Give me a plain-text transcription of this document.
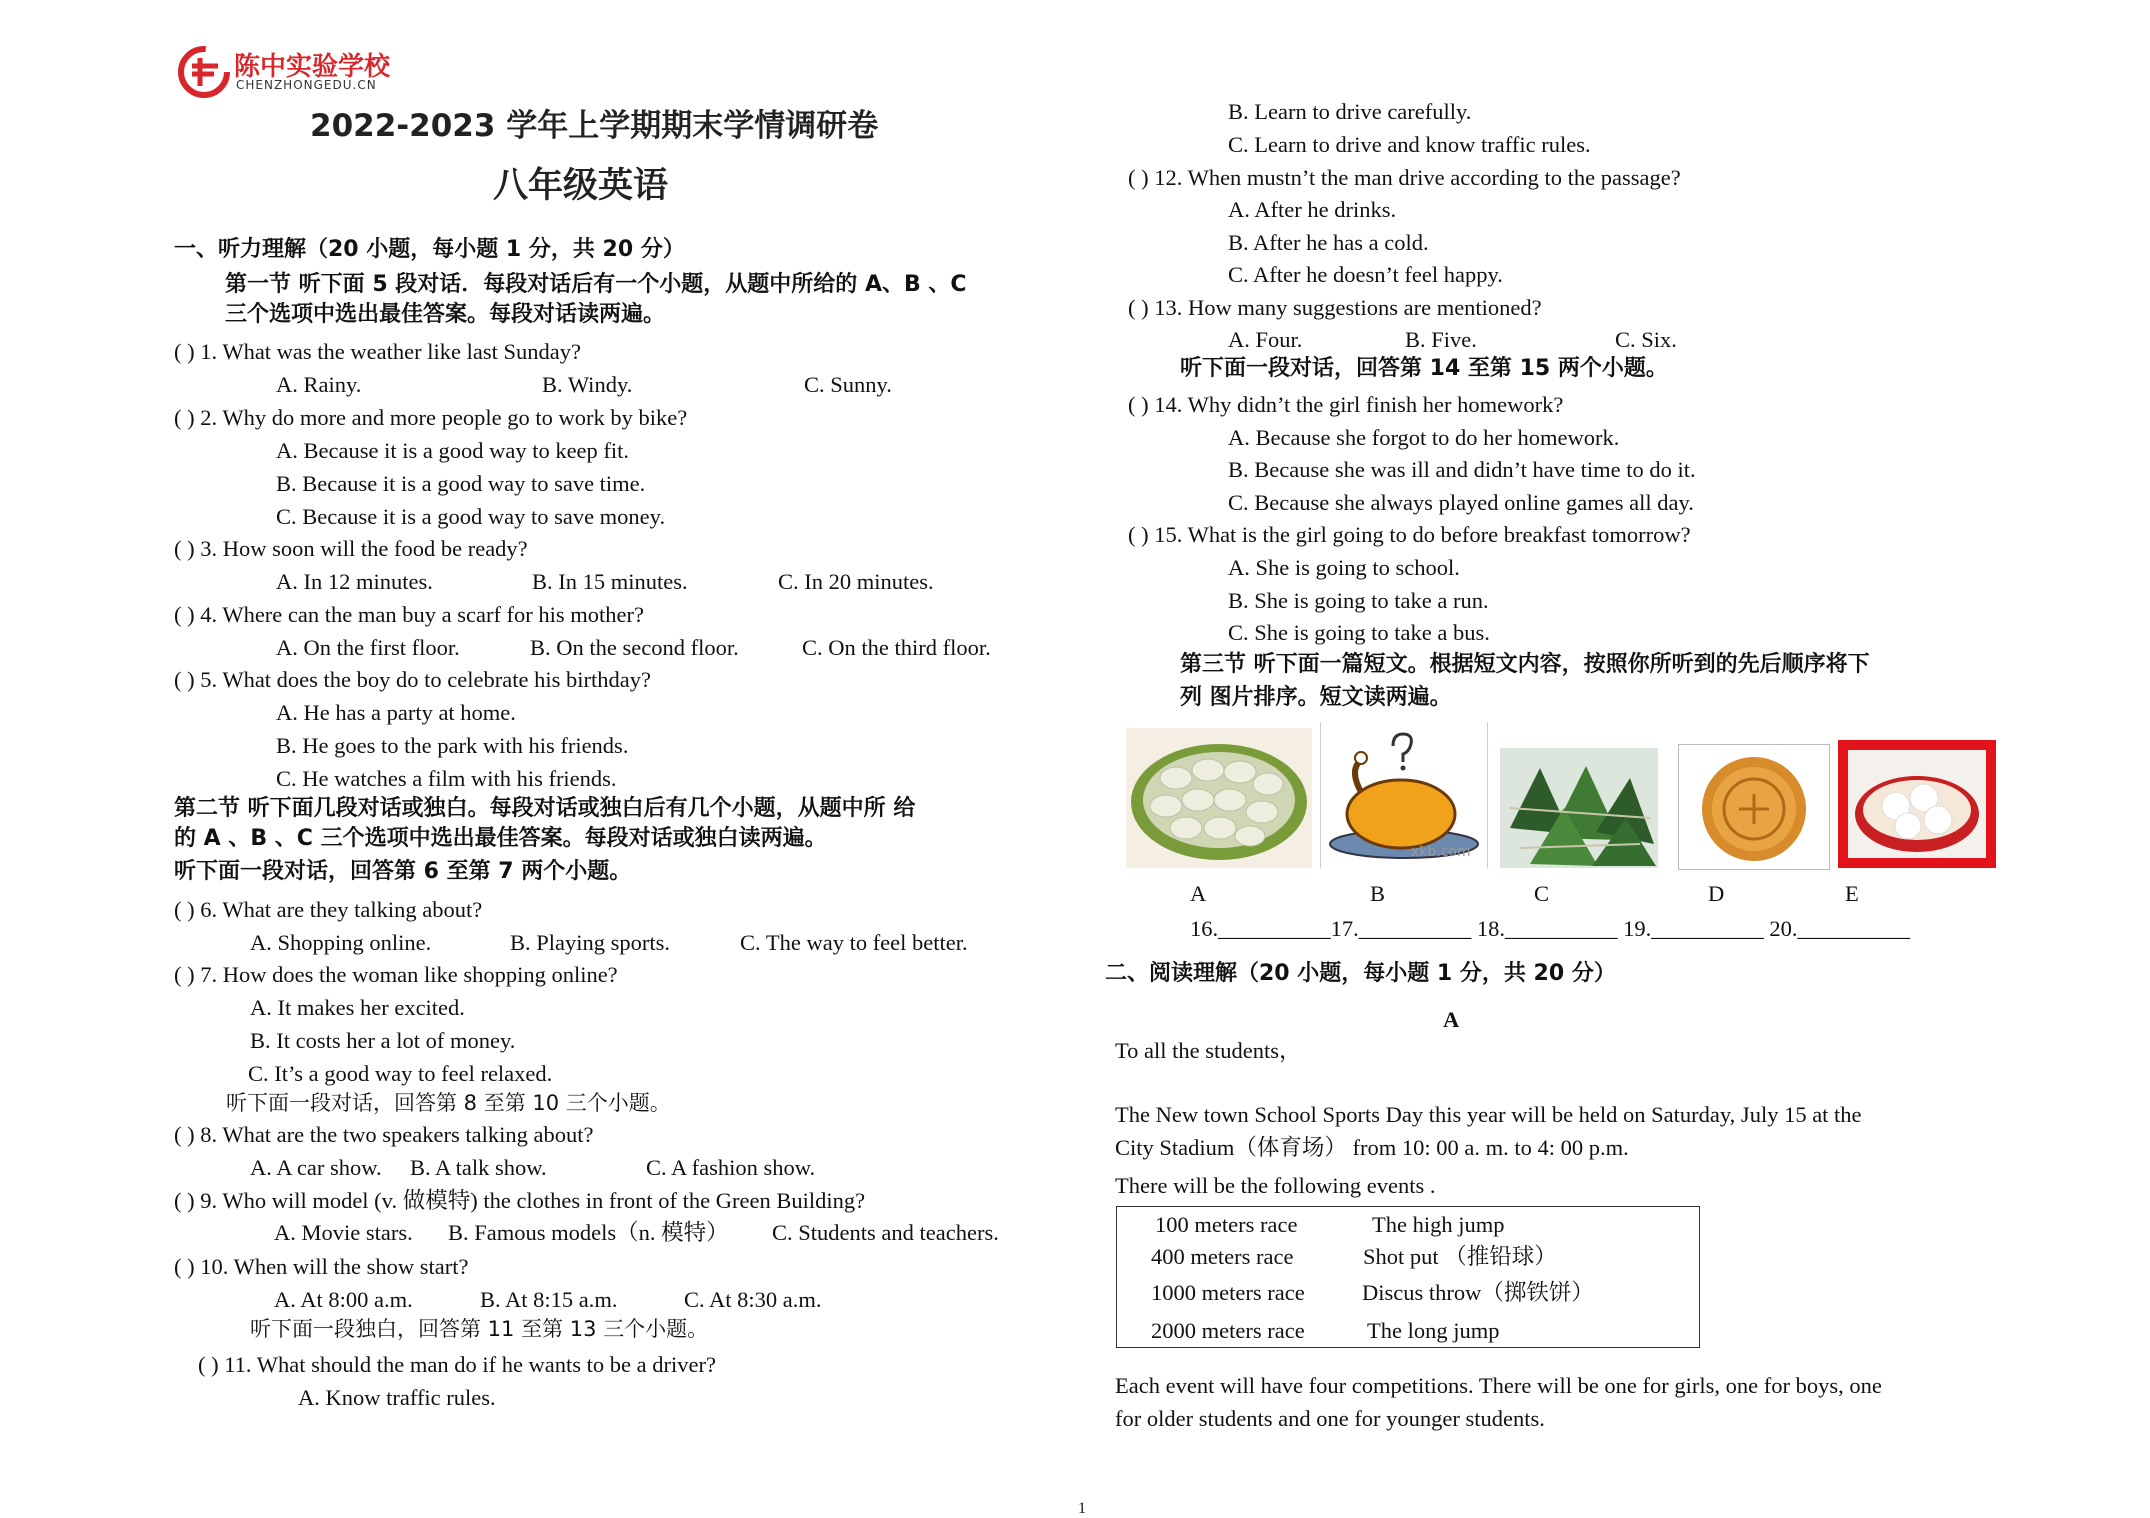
陈中实验学校
CHENZHONGEDU.CN
2022-2023 学年上学期期末学情调研卷
八年级英语
一、听力理解（20 小题，每小题 1 分，共 20 分）
第一节 听下面 5 段对话．每段对话后有一个小题，从题中所给的 A、B 、C
三个选项中选出最佳答案。每段对话读两遍。
( ) 1. What was the weather like last Sunday?
A. Rainy.	B. Windy.	C. Sunny.
( ) 2. Why do more and more people go to work by bike?
A. Because it is a good way to keep fit.
B. Because it is a good way to save time.
C. Because it is a good way to save money.
( ) 3. How soon will the food be ready?
A. In 12 minutes.	B. In 15 minutes.	C. In 20 minutes.
( ) 4. Where can the man buy a scarf for his mother?
A. On the first floor.	B. On the second floor.	C. On the third floor.
( ) 5. What does the boy do to celebrate his birthday?
A. He has a party at home.
B. He goes to the park with his friends.
C. He watches a film with his friends.
第二节 听下面几段对话或独白。每段对话或独白后有几个小题，从题中所 给
的 A 、B 、C 三个选项中选出最佳答案。每段对话或独白读两遍。
听下面一段对话，回答第 6 至第 7 两个小题。
( ) 6. What are they talking about?
A. Shopping online.	B. Playing sports.	C. The way to feel better.
( ) 7. How does the woman like shopping online?
A. It makes her excited.
B. It costs her a lot of money.
C. It’s a good way to feel relaxed.
听下面一段对话，回答第 8 至第 10 三个小题。
( ) 8. What are the two speakers talking about?
A. A car show. B. A talk show.	C. A fashion show.
( ) 9. Who will model (v. 做模特) the clothes in front of the Green Building?
A. Movie stars. B. Famous models（n. 模特） C. Students and teachers.
( ) 10. When will the show start?
A. At 8:00 a.m.	B. At 8:15 a.m.	C. At 8:30 a.m.
听下面一段独白，回答第 11 至第 13 三个小题。
( ) 11. What should the man do if he wants to be a driver?
A. Know traffic rules.
B. Learn to drive carefully.
C. Learn to drive and know traffic rules.
( ) 12. When mustn’t the man drive according to the passage?
A. After he drinks.
B. After he has a cold.
C. After he doesn’t feel happy.
( ) 13. How many suggestions are mentioned?
A. Four.	B. Five.	C. Six.
听下面一段对话，回答第 14 至第 15 两个小题。
( ) 14. Why didn’t the girl finish her homework?
A. Because she forgot to do her homework.
B. Because she was ill and didn’t have time to do it.
C. Because she always played online games all day.
( ) 15. What is the girl going to do before breakfast tomorrow?
A. She is going to school.
B. She is going to take a run.
C. She is going to take a bus.
第三节 听下面一篇短文。根据短文内容，按照你所听到的先后顺序将下
列 图片排序。短文读两遍。
xkb.com
A	B	C	D	E
16.__________17.__________ 18.__________ 19.__________ 20.__________
二、阅读理解（20 小题，每小题 1 分，共 20 分）
A
To all the students，
The New town School Sports Day this year will be held on Saturday, July 15 at the
City Stadium（体育场） from 10: 00 a. m. to 4: 00 p.m.
There will be the following events .
100 meters race	The high jump
400 meters race	Shot put （推铅球）
1000 meters race	Discus throw（掷铁饼）
2000 meters race	The long jump
Each event will have four competitions. There will be one for girls, one for boys, one
for older students and one for younger students.
1
